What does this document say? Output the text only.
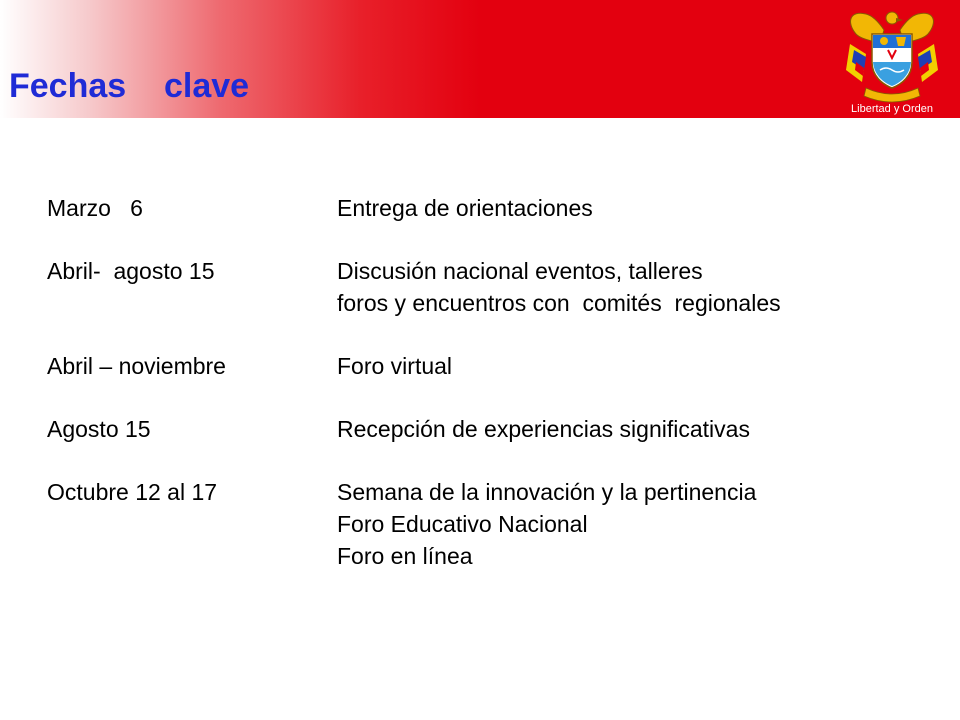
Fechas    clave
Libertad y Orden
Marzo   6	Entrega de orientaciones
Abril-  agosto 15	Discusión nacional eventos, talleres
foros y encuentros con  comités  regionales
Abril – noviembre	Foro virtual
Agosto 15	Recepción de experiencias significativas
Octubre 12 al 17	Semana de la innovación y la pertinencia
Foro Educativo Nacional
Foro en línea
